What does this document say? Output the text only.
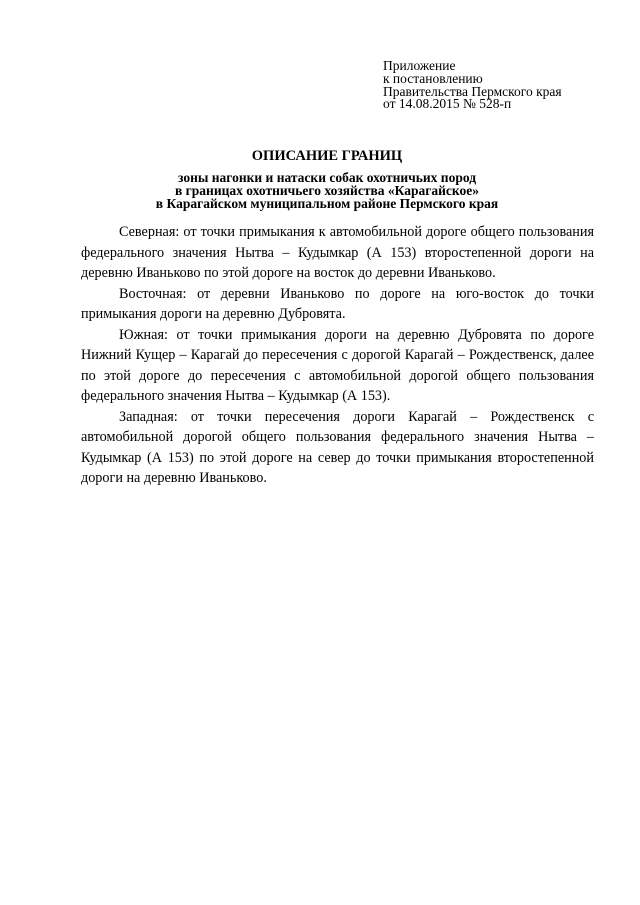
Приложение
к постановлению
Правительства Пермского края
от 14.08.2015 № 528-п
ОПИСАНИЕ ГРАНИЦ
зоны нагонки и натаски собак охотничьих пород
в границах охотничьего хозяйства «Карагайское»
в Карагайском муниципальном районе Пермского края

Северная: от точки примыкания к автомобильной дороге общего пользования федерального значения Нытва – Кудымкар (А 153) второстепенной дороги на деревню Иваньково по этой дороге на восток до деревни Иваньково.

Восточная: от деревни Иваньково по дороге на юго-восток до точки примыкания дороги на деревню Дубровята.

Южная: от точки примыкания дороги на деревню Дубровята по дороге Нижний Кущер – Карагай до пересечения с дорогой Карагай – Рождественск, далее по этой дороге до пересечения с автомобильной дорогой общего пользования федерального значения Нытва – Кудымкар (А 153).

Западная: от точки пересечения дороги Карагай – Рождественск с автомобильной дорогой общего пользования федерального значения Нытва – Кудымкар (А 153) по этой дороге на север до точки примыкания второстепенной дороги на деревню Иваньково.
